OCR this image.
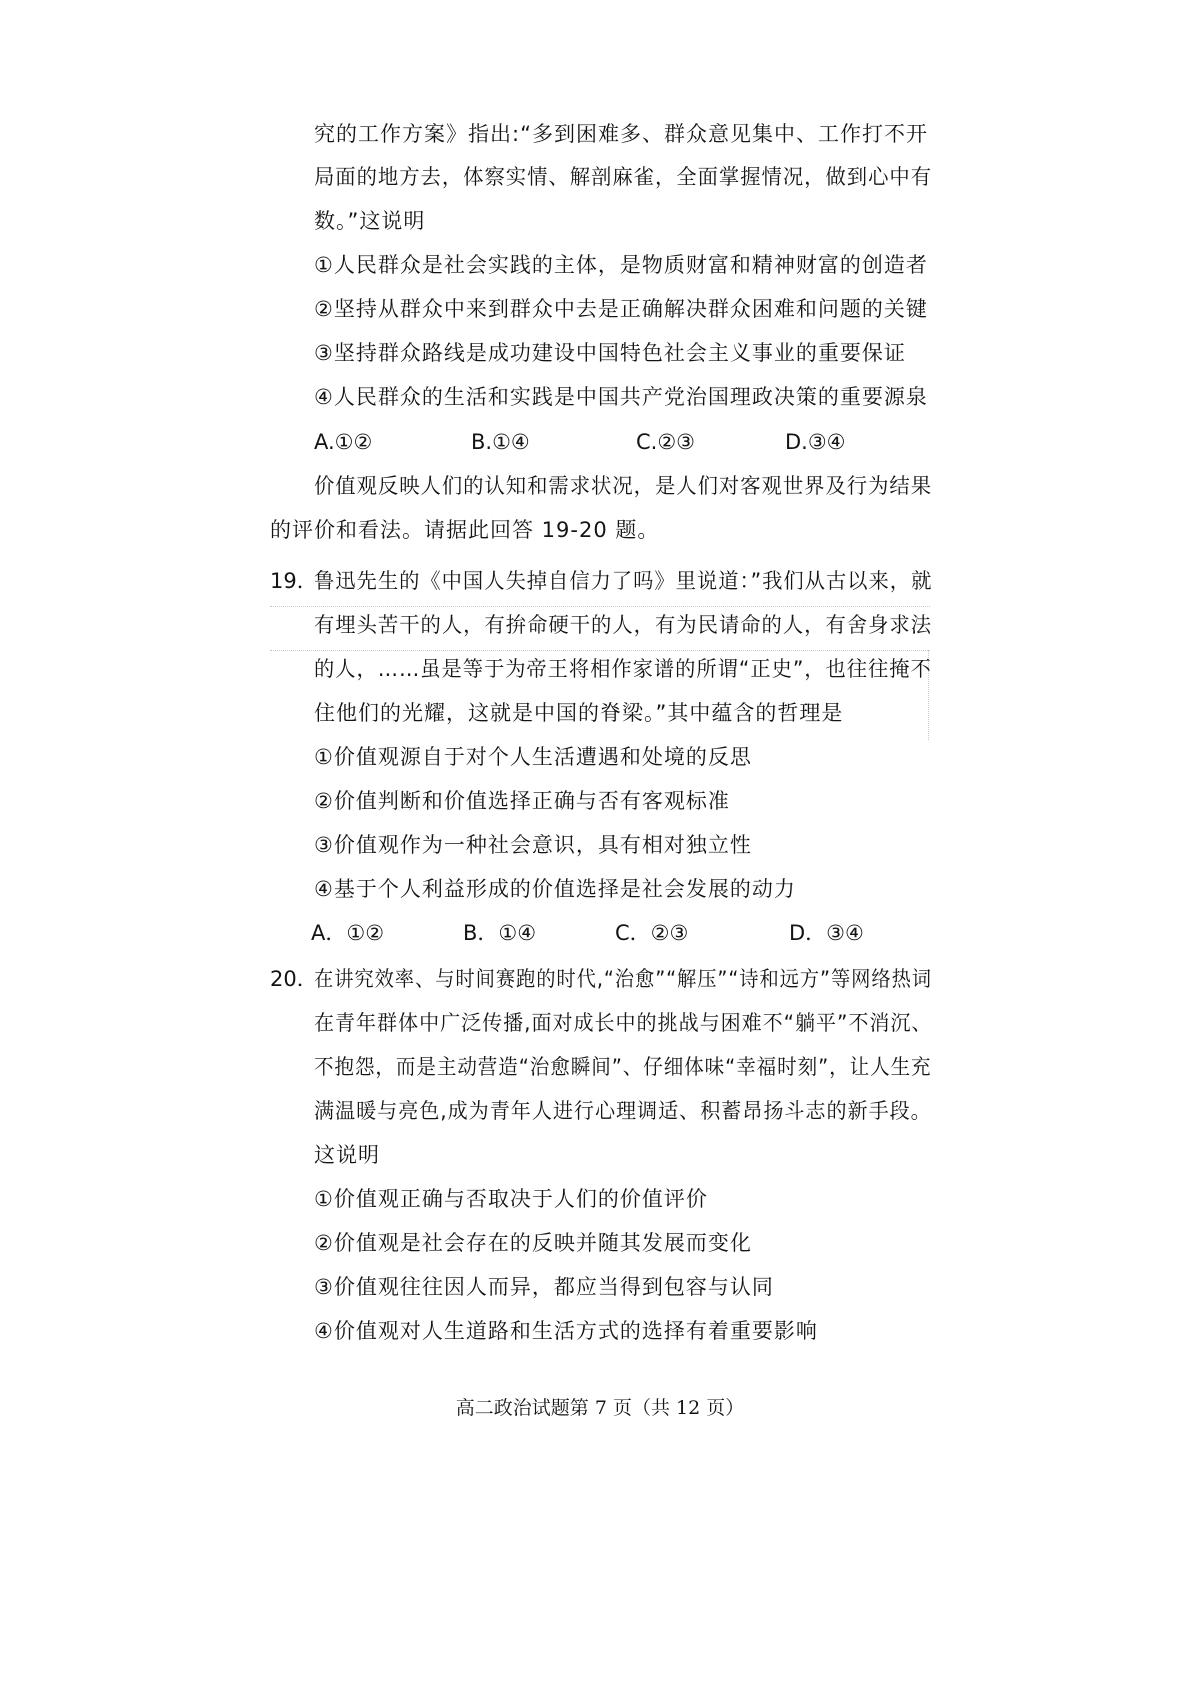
究的工作方案》指出:“多到困难多、群众意见集中、工作打不开
局面的地方去，体察实情、解剖麻雀，全面掌握情况，做到心中有
数。”这说明
①人民群众是社会实践的主体，是物质财富和精神财富的创造者
②坚持从群众中来到群众中去是正确解决群众困难和问题的关键
③坚持群众路线是成功建设中国特色社会主义事业的重要保证
④人民群众的生活和实践是中国共产党治国理政决策的重要源泉
A.①②	B.①④	C.②③	D.③④
价值观反映人们的认知和需求状况，是人们对客观世界及行为结果
的评价和看法。请据此回答 19-20 题。
19．
鲁迅先生的《中国人失掉自信力了吗》里说道：”我们从古以来，就
有埋头苦干的人，有拚命硬干的人，有为民请命的人，有舍身求法
的人，……虽是等于为帝王将相作家谱的所谓“正史”，也往往掩不
住他们的光耀，这就是中国的脊梁。”其中蕴含的哲理是
①价值观源自于对个人生活遭遇和处境的反思
②价值判断和价值选择正确与否有客观标准
③价值观作为一种社会意识，具有相对独立性
④基于个人利益形成的价值选择是社会发展的动力
A．①②	B．①④	C．②③	D．③④
20．
在讲究效率、与时间赛跑的时代,“治愈”“解压”“诗和远方”等网络热词
在青年群体中广泛传播,面对成长中的挑战与困难不“躺平”不消沉、
不抱怨，而是主动营造“治愈瞬间”、仔细体味“幸福时刻”，让人生充
满温暖与亮色,成为青年人进行心理调适、积蓄昂扬斗志的新手段。
这说明
①价值观正确与否取决于人们的价值评价
②价值观是社会存在的反映并随其发展而变化
③价值观往往因人而异，都应当得到包容与认同
④价值观对人生道路和生活方式的选择有着重要影响
高二政治试题第 7 页（共 12 页）
